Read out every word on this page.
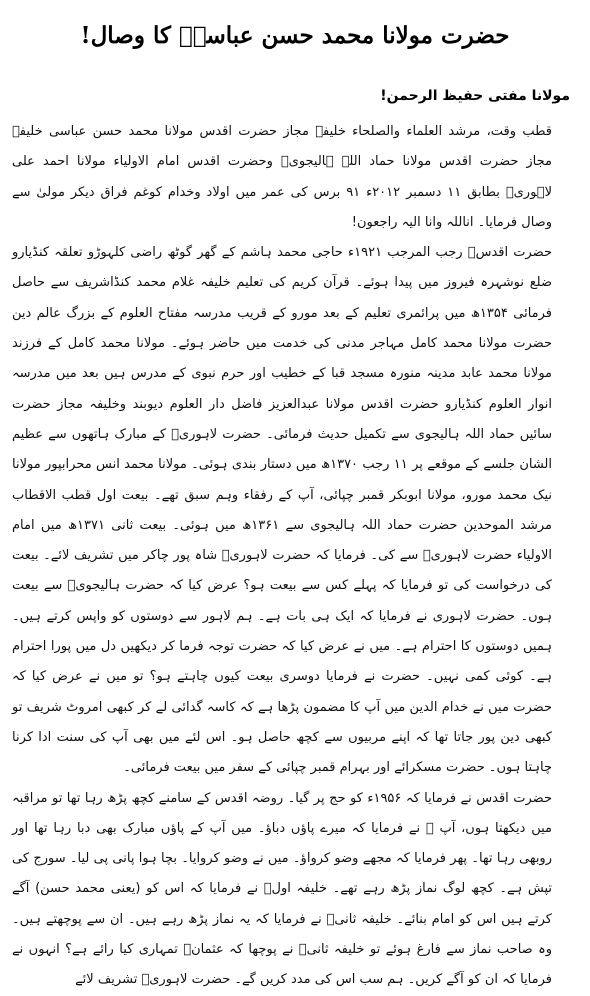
حضرت مولانا محمد حسن عباسیؒ کا وصال!
مولانا مفتی حفیظ الرحمن!

قطب وقت، مرشد العلماء والصلحاء خلیفہ مجاز حضرت اقدس مولانا محمد حسن عباسی خلیفہ مجاز حضرت اقدس مولانا حماد اللہ ہالیجویؒ وحضرت اقدس امام الاولیاء مولانا احمد علی لاہوریؒ بطابق ۱۱ دسمبر ۲۰۱۲ء ۹۱ برس کی عمر میں اولاد وخدام کوغم فراق دیکر مولیٰ سے وصال فرمایا۔ اناللہ وانا الیہ راجعون!

حضرت اقدسؒ رجب المرجب ۱۹۲۱ء حاجی محمد ہاشم کے گھر گوٹھ راضی کلہوڑو تعلقہ کنڈیارو ضلع نوشہرہ فیروز میں پیدا ہوئے۔ قرآن کریم کی تعلیم خلیفہ غلام محمد کنڈاشریف سے حاصل فرمائی ۱۳۵۴ھ میں پرائمری تعلیم کے بعد مورو کے قریب مدرسہ مفتاح العلوم کے بزرگ عالم دین حضرت مولانا محمد کامل مہاجر مدنی کی خدمت میں حاضر ہوئے۔ مولانا محمد کامل کے فرزند مولانا محمد عابد مدینہ منورہ مسجد قبا کے خطیب اور حرم نبوی کے مدرس ہیں بعد میں مدرسہ انوار العلوم کنڈیارو حضرت اقدس مولانا عبدالعزیز فاضل دار العلوم دیوبند وخلیفہ مجاز حضرت سائیں حماد اللہ ہالیجوی سے تکمیل حدیث فرمائی۔ حضرت لاہوریؒ کے مبارک ہاتھوں سے عظیم الشان جلسے کے موقعے پر ۱۱ رجب ۱۳۷۰ھ میں دستار بندی ہوئی۔ مولانا محمد انس محرابپور مولانا نیک محمد مورو، مولانا ابوبکر قمبر چپائی، آپ کے رفقاء وہم سبق تھے۔ بیعت اول قطب الاقطاب مرشد الموحدین حضرت حماد اللہ ہالیجوی سے ۱۳۶۱ھ میں ہوئی۔ بیعت ثانی ۱۳۷۱ھ میں امام الاولیاء حضرت لاہوریؒ سے کی۔ فرمایا کہ حضرت لاہوریؒ شاہ پور چاکر میں تشریف لائے۔ بیعت کی درخواست کی تو فرمایا کہ پہلے کس سے بیعت ہو؟ عرض کیا کہ حضرت ہالیجویؒ سے بیعت ہوں۔ حضرت لاہوری نے فرمایا کہ ایک ہی بات ہے۔ ہم لاہور سے دوستوں کو واپس کرتے ہیں۔ ہمیں دوستوں کا احترام ہے۔ میں نے عرض کیا کہ حضرت توجہ فرما کر دیکھیں دل میں پورا احترام ہے۔ کوئی کمی نہیں۔ حضرت نے فرمایا دوسری بیعت کیوں چاہتے ہو؟ تو میں نے عرض کیا کہ حضرت میں نے خدام الدین میں آپ کا مضمون پڑھا ہے کہ کاسہ گدائی لے کر کبھی امروٹ شریف تو کبھی دین پور جاتا تھا کہ اپنے مربیوں سے کچھ حاصل ہو۔ اس لئے میں بھی آپ کی سنت ادا کرنا چاہتا ہوں۔ حضرت مسکرائے اور بہرام قمبر چپائی کے سفر میں بیعت فرمائی۔

حضرت اقدس نے فرمایا کہ ۱۹۵۶ء کو حج پر گیا۔ روضہ اقدس کے سامنے کچھ پڑھ رہا تھا تو مراقبہ میں دیکھتا ہوں، آپ ﷺ نے فرمایا کہ میرے پاؤں دباؤ۔ میں آپ کے پاؤں مبارک بھی دبا رہا تھا اور روبھی رہا تھا۔ پھر فرمایا کہ مجھے وضو کرواؤ۔ میں نے وضو کروایا۔ بچا ہوا پانی پی لیا۔ سورج کی تپش ہے۔ کچھ لوگ نماز پڑھ رہے تھے۔ خلیفہ اولؓ نے فرمایا کہ اس کو (یعنی محمد حسن) آگے کرتے ہیں اس کو امام بنائے۔ خلیفہ ثانیؓ نے فرمایا کہ یہ نماز پڑھ رہے ہیں۔ ان سے پوچھتے ہیں۔ وہ صاحب نماز سے فارغ ہوئے تو خلیفہ ثانیؓ نے پوچھا کہ عثمانؓ تمہاری کیا رائے ہے؟ انہوں نے فرمایا کہ ان کو آگے کریں۔ ہم سب اس کی مدد کریں گے۔ حضرت لاہوریؒ تشریف لائے
